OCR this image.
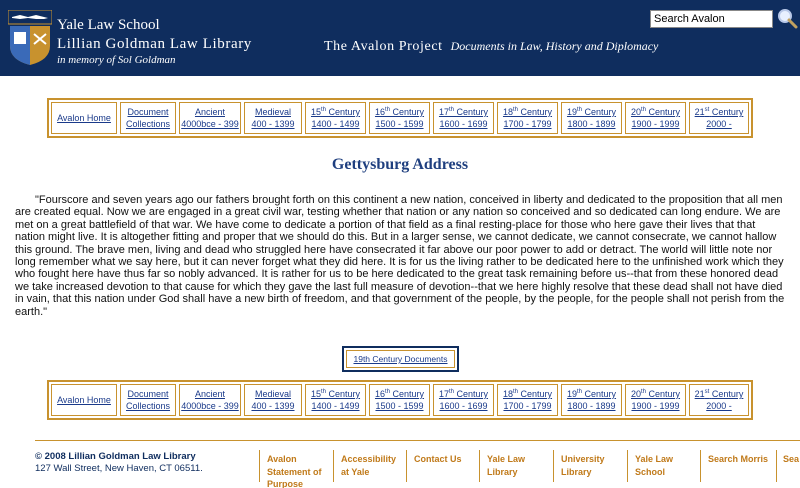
Yale Law School
Lillian Goldman Law Library
in memory of Sol Goldman
The Avalon Project Documents in Law, History and Diplomacy
Search Avalon
Avalon Home
Document
Collections
Ancient
4000bce - 399
Medieval
400 - 1399
15th Century
1400 - 1499
16th Century
1500 - 1599
17th Century
1600 - 1699
18th Century
1700 - 1799
19th Century
1800 - 1899
20th Century
1900 - 1999
21st Century
2000 -
Gettysburg Address

"Fourscore and seven years ago our fathers brought forth on this continent a new nation, conceived in liberty and dedicated to the proposition that all men are created equal. Now we are engaged in a great civil war, testing whether that nation or any nation so conceived and so dedicated can long endure. We are met on a great battlefield of that war. We have come to dedicate a portion of that field as a final resting-place for those who here gave their lives that that nation might live. It is altogether fitting and proper that we should do this. But in a larger sense, we cannot dedicate, we cannot consecrate, we cannot hallow this ground. The brave men, living and dead who struggled here have consecrated it far above our poor power to add or detract. The world will little note nor long remember what we say here, but it can never forget what they did here. It is for us the living rather to be dedicated here to the unfinished work which they who fought here have thus far so nobly advanced. It is rather for us to be here dedicated to the great task remaining before us--that from these honored dead we take increased devotion to that cause for which they gave the last full measure of devotion--that we here highly resolve that these dead shall not have died in vain, that this nation under God shall have a new birth of freedom, and that government of the people, by the people, for the people shall not perish from the earth."

19th Century Documents
Avalon Home
Document
Collections
Ancient
4000bce - 399
Medieval
400 - 1399
15th Century
1400 - 1499
16th Century
1500 - 1599
17th Century
1600 - 1699
18th Century
1700 - 1799
19th Century
1800 - 1899
20th Century
1900 - 1999
21st Century
2000 -
© 2008 Lillian Goldman Law Library
127 Wall Street, New Haven, CT 06511.
Avalon
Statement of
Purpose
Accessibility
at Yale
Contact Us	Yale Law
Library
University
Library
Yale Law
School
Search Morris Sea
